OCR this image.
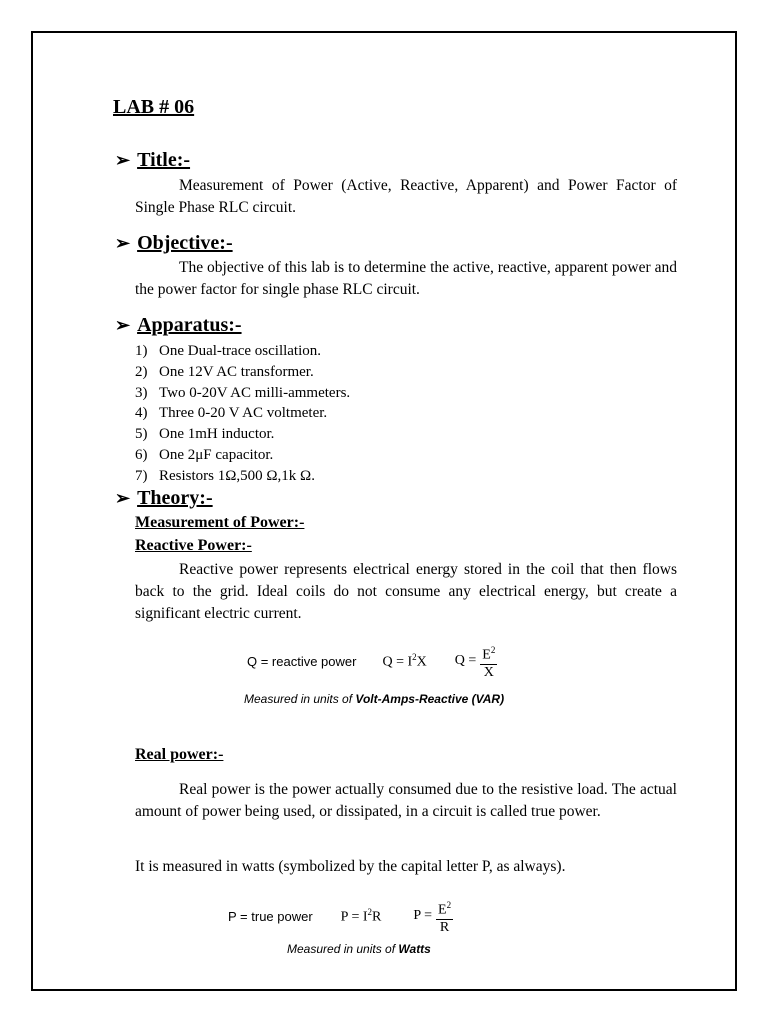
LAB # 06
➢ Title:-
Measurement of Power (Active, Reactive, Apparent) and Power Factor of Single Phase RLC circuit.
➢ Objective:-
The objective of this lab is to determine the active, reactive, apparent power and the power factor for single phase RLC circuit.
➢ Apparatus:-
1) One Dual-trace oscillation.
2) One 12V AC transformer.
3) Two 0-20V AC milli-ammeters.
4) Three 0-20 V AC voltmeter.
5) One 1mH inductor.
6) One 2μF capacitor.
7) Resistors 1Ω,500 Ω,1k Ω.
➢ Theory:-
Measurement of Power:-
Reactive Power:-
Reactive power represents electrical energy stored in the coil that then flows back to the grid. Ideal coils do not consume any electrical energy, but create a significant electric current.
Q = reactive power $Q = I^2X$ $Q = \frac{E^2}{X}$
Measured in units of Volt-Amps-Reactive (VAR)
Real power:-
Real power is the power actually consumed due to the resistive load. The actual amount of power being used, or dissipated, in a circuit is called true power.
It is measured in watts (symbolized by the capital letter P, as always).
P = true power $P = I^2R$ $P = \frac{E^2}{R}$
Measured in units of Watts
